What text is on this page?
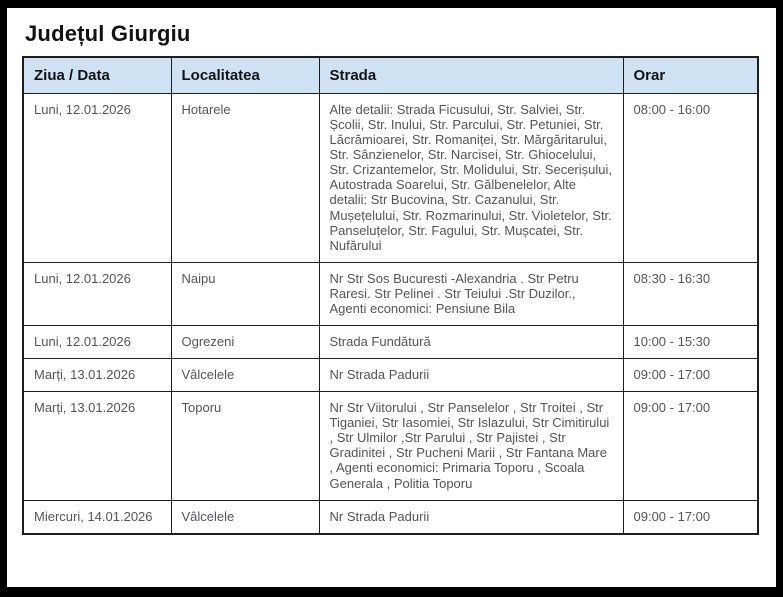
Județul Giurgiu
Ziua / Data	Localitatea	Strada	Orar
Luni, 12.01.2026	Hotarele	Alte detalii: Strada Ficusului, Str. Salviei, Str. Școlii, Str. Inului, Str. Parcului, Str. Petuniei, Str. Lăcrămioarei, Str. Romaniței, Str. Mărgăritarului, Str. Sânzienelor, Str. Narcisei, Str. Ghiocelului, Str. Crizantemelor, Str. Molidului, Str. Secerișului, Autostrada Soarelui, Str. Gălbenelelor, Alte detalii: Str Bucovina, Str. Cazanului, Str. Mușețelului, Str. Rozmarinului, Str. Violetelor, Str. Panseluțelor, Str. Fagului, Str. Mușcatei, Str. Nufărului	08:00 - 16:00
Luni, 12.01.2026	Naipu	Nr Str Sos Bucuresti -Alexandria . Str Petru Raresi. Str Pelinei . Str Teiului .Str Duzilor., Agenti economici: Pensiune Bila	08:30 - 16:30
Luni, 12.01.2026	Ogrezeni	Strada Fundătură	10:00 - 15:30
Marți, 13.01.2026	Vâlcelele	Nr Strada Padurii	09:00 - 17:00
Marți, 13.01.2026	Toporu	Nr Str Viitorului , Str Panselelor , Str Troitei , Str Tiganiei, Str Iasomiei, Str Islazului, Str Cimitirului , Str Ulmilor ,Str Parului , Str Pajistei , Str Gradinitei , Str Pucheni Marii , Str Fantana Mare , Agenti economici: Primaria Toporu , Scoala Generala , Politia Toporu	09:00 - 17:00
Miercuri, 14.01.2026	Vâlcelele	Nr Strada Padurii	09:00 - 17:00
